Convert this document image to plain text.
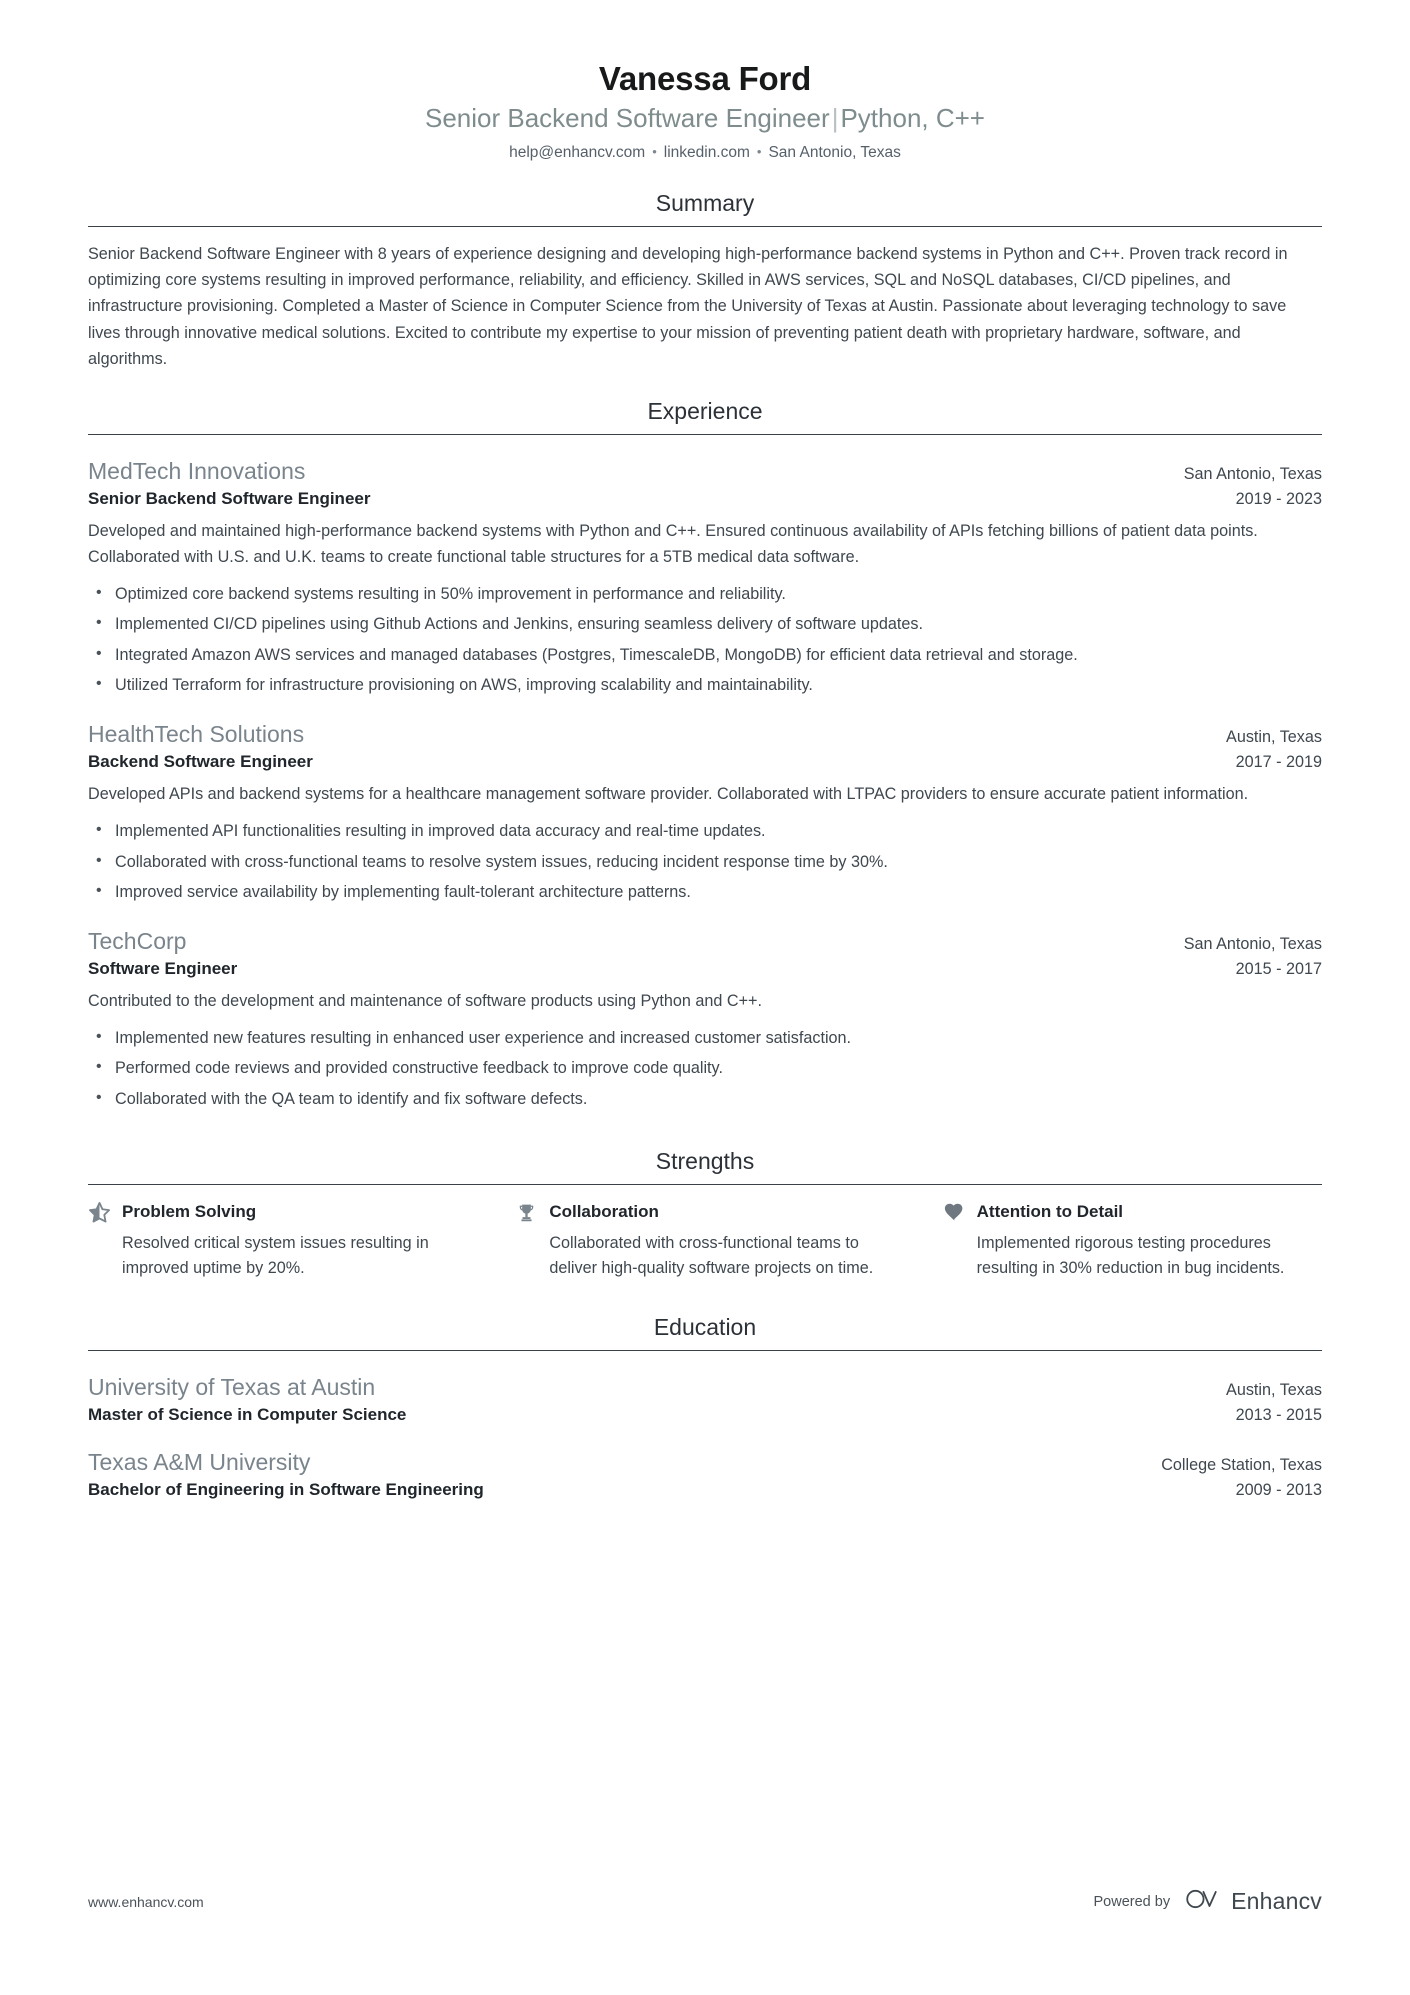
Vanessa Ford
Senior Backend Software Engineer|Python, C++
help@enhancv.com • linkedin.com • San Antonio, Texas
Summary
Senior Backend Software Engineer with 8 years of experience designing and developing high-performance backend systems in Python and C++. Proven track record in optimizing core systems resulting in improved performance, reliability, and efficiency. Skilled in AWS services, SQL and NoSQL databases, CI/CD pipelines, and infrastructure provisioning. Completed a Master of Science in Computer Science from the University of Texas at Austin. Passionate about leveraging technology to save lives through innovative medical solutions. Excited to contribute my expertise to your mission of preventing patient death with proprietary hardware, software, and algorithms.
Experience
MedTech Innovations	San Antonio, Texas
Senior Backend Software Engineer	2019 - 2023
Developed and maintained high-performance backend systems with Python and C++. Ensured continuous availability of APIs fetching billions of patient data points. Collaborated with U.S. and U.K. teams to create functional table structures for a 5TB medical data software.
• Optimized core backend systems resulting in 50% improvement in performance and reliability.
• Implemented CI/CD pipelines using Github Actions and Jenkins, ensuring seamless delivery of software updates.
• Integrated Amazon AWS services and managed databases (Postgres, TimescaleDB, MongoDB) for efficient data retrieval and storage.
• Utilized Terraform for infrastructure provisioning on AWS, improving scalability and maintainability.
HealthTech Solutions	Austin, Texas
Backend Software Engineer	2017 - 2019
Developed APIs and backend systems for a healthcare management software provider. Collaborated with LTPAC providers to ensure accurate patient information.
• Implemented API functionalities resulting in improved data accuracy and real-time updates.
• Collaborated with cross-functional teams to resolve system issues, reducing incident response time by 30%.
• Improved service availability by implementing fault-tolerant architecture patterns.
TechCorp	San Antonio, Texas
Software Engineer	2015 - 2017
Contributed to the development and maintenance of software products using Python and C++.
• Implemented new features resulting in enhanced user experience and increased customer satisfaction.
• Performed code reviews and provided constructive feedback to improve code quality.
• Collaborated with the QA team to identify and fix software defects.
Strengths
Problem Solving
Resolved critical system issues resulting in improved uptime by 20%.
Collaboration
Collaborated with cross-functional teams to deliver high-quality software projects on time.
Attention to Detail
Implemented rigorous testing procedures resulting in 30% reduction in bug incidents.
Education
University of Texas at Austin	Austin, Texas
Master of Science in Computer Science	2013 - 2015
Texas A&M University	College Station, Texas
Bachelor of Engineering in Software Engineering	2009 - 2013
www.enhancv.com	Powered by	Enhancv
